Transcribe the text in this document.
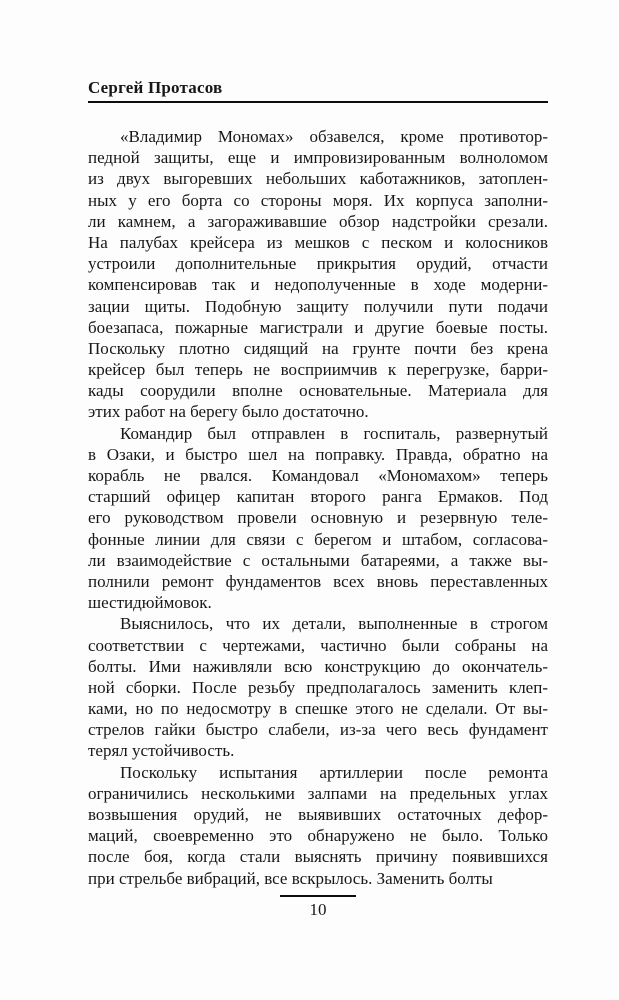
Сергей Протасов

«Владимир Мономах» обзавелся, кроме противотор-
педной защиты, еще и импровизированным волноломом
из двух выгоревших небольших каботажников, затоплен-
ных у его борта со стороны моря. Их корпуса заполни-
ли камнем, а загораживавшие обзор надстройки срезали.
На палубах крейсера из мешков с песком и колосников
устроили дополнительные прикрытия орудий, отчасти
компенсировав так и недополученные в ходе модерни-
зации щиты. Подобную защиту получили пути подачи
боезапаса, пожарные магистрали и другие боевые посты.
Поскольку плотно сидящий на грунте почти без крена
крейсер был теперь не восприимчив к перегрузке, барри-
кады соорудили вполне основательные. Материала для
этих работ на берегу было достаточно.

Командир был отправлен в госпиталь, развернутый
в Озаки, и быстро шел на поправку. Правда, обратно на
корабль не рвался. Командовал «Мономахом» теперь
старший офицер капитан второго ранга Ермаков. Под
его руководством провели основную и резервную теле-
фонные линии для связи с берегом и штабом, согласова-
ли взаимодействие с остальными батареями, а также вы-
полнили ремонт фундаментов всех вновь переставленных
шестидюймовок.

Выяснилось, что их детали, выполненные в строгом
соответствии с чертежами, частично были собраны на
болты. Ими наживляли всю конструкцию до окончатель-
ной сборки. После резьбу предполагалось заменить клеп-
ками, но по недосмотру в спешке этого не сделали. От вы-
стрелов гайки быстро слабели, из-за чего весь фундамент
терял устойчивость.

Поскольку испытания артиллерии после ремонта
ограничились несколькими залпами на предельных углах
возвышения орудий, не выявивших остаточных дефор-
маций, своевременно это обнаружено не было. Только
после боя, когда стали выяснять причину появившихся
при стрельбе вибраций, все вскрылось. Заменить болты

10
